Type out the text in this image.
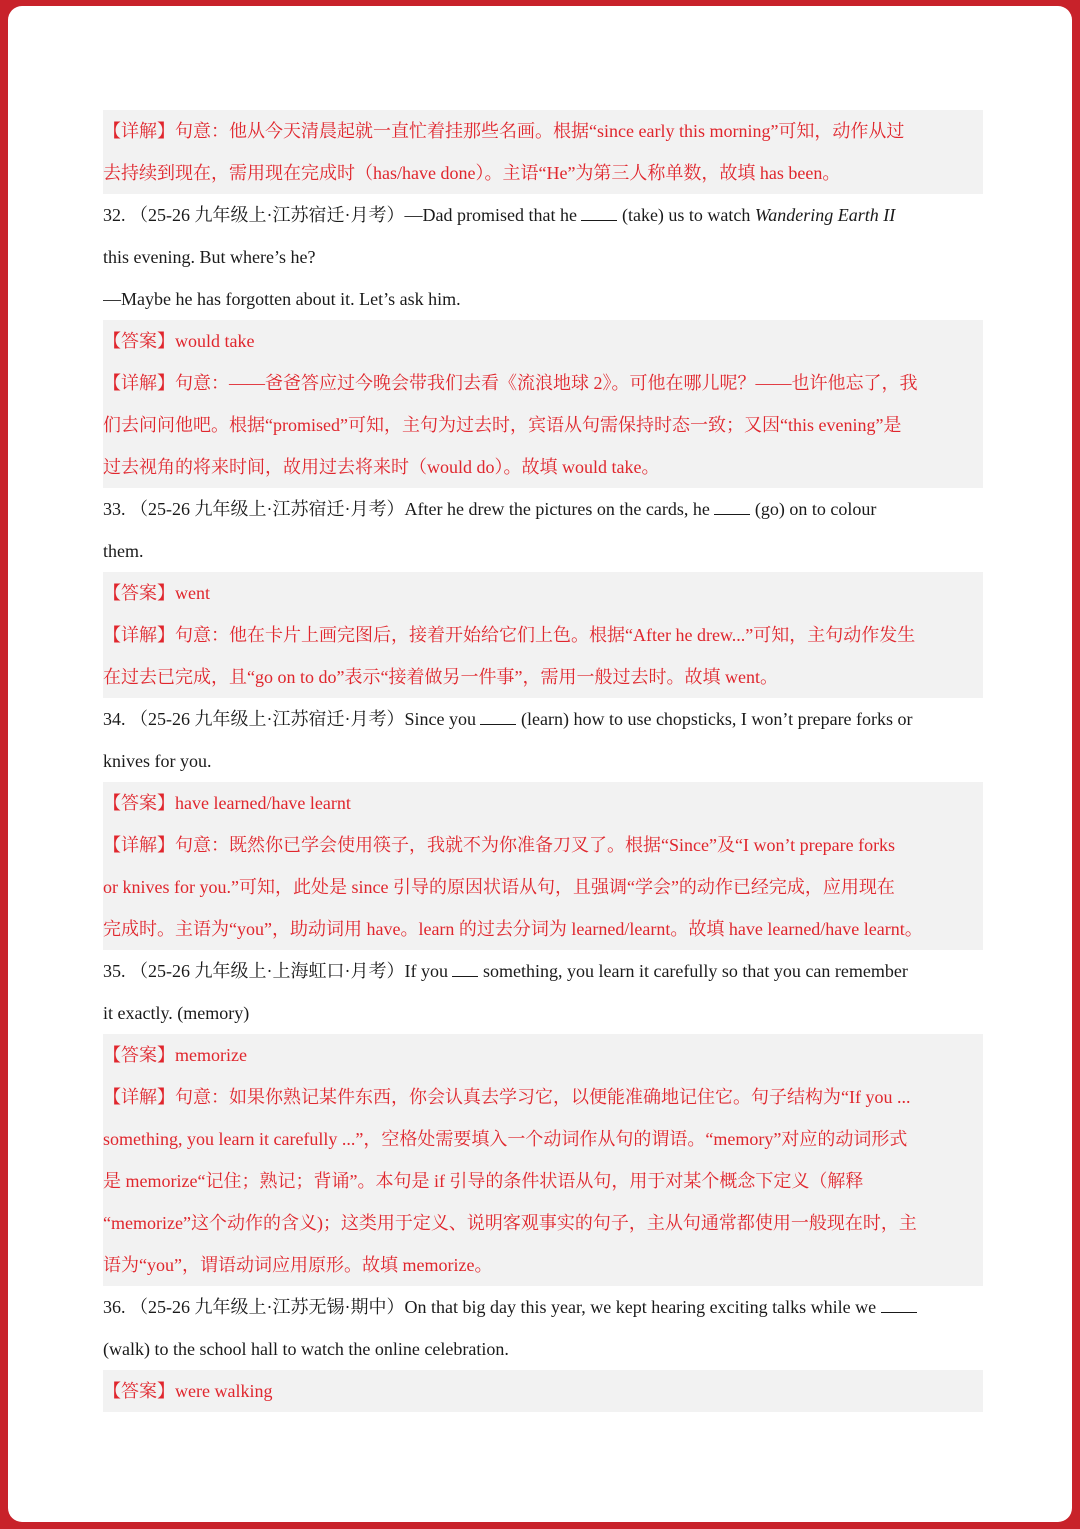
【详解】句意：他从今天清晨起就一直忙着挂那些名画。根据“since early this morning”可知，动作从过
去持续到现在，需用现在完成时（has/have done）。主语“He”为第三人称单数，故填 has been。
32. （25-26 九年级上·江苏宿迁·月考）—Dad promised that he	(take) us to watch Wandering Earth II
this evening. But where’s he?
—Maybe he has forgotten about it. Let’s ask him.
【答案】would take
【详解】句意：——爸爸答应过今晚会带我们去看《流浪地球 2》。可他在哪儿呢？——也许他忘了，我
们去问问他吧。根据“promised”可知，主句为过去时，宾语从句需保持时态一致；又因“this evening”是
过去视角的将来时间，故用过去将来时（would do）。故填 would take。
33. （25-26 九年级上·江苏宿迁·月考）After he drew the pictures on the cards, he	(go) on to colour
them.
【答案】went
【详解】句意：他在卡片上画完图后，接着开始给它们上色。根据“After he drew...”可知，主句动作发生
在过去已完成，且“go on to do”表示“接着做另一件事”，需用一般过去时。故填 went。
34. （25-26 九年级上·江苏宿迁·月考）Since you	(learn) how to use chopsticks, I won’t prepare forks or
knives for you.
【答案】have learned/have learnt
【详解】句意：既然你已学会使用筷子，我就不为你准备刀叉了。根据“Since”及“I won’t prepare forks
or knives for you.”可知，此处是 since 引导的原因状语从句，且强调“学会”的动作已经完成，应用现在
完成时。主语为“you”，助动词用 have。learn 的过去分词为 learned/learnt。故填 have learned/have learnt。
35. （25-26 九年级上·上海虹口·月考）If you something, you learn it carefully so that you can remember
it exactly. (memory)
【答案】memorize
【详解】句意：如果你熟记某件东西，你会认真去学习它，以便能准确地记住它。句子结构为“If you ...
something, you learn it carefully ...”，空格处需要填入一个动词作从句的谓语。“memory”对应的动词形式
是 memorize“记住；熟记；背诵”。本句是 if 引导的条件状语从句，用于对某个概念下定义（解释
“memorize”这个动作的含义)；这类用于定义、说明客观事实的句子，主从句通常都使用一般现在时，主
语为“you”，谓语动词应用原形。故填 memorize。
36. （25-26 九年级上·江苏无锡·期中）On that big day this year, we kept hearing exciting talks while we
(walk) to the school hall to watch the online celebration.
【答案】were walking
